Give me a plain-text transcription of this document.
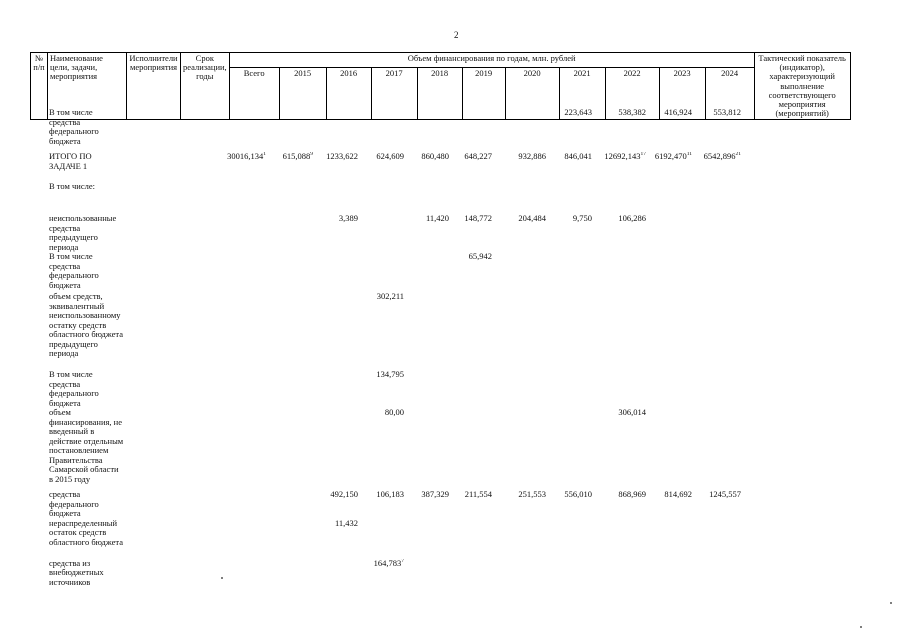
2
№ п/п	Наименование цели, задачи, мероприятия	Исполнители мероприятия	Срок реализации, годы	Объем финансирования по годам, млн. рублей											Тактический показатель (индикатор), характеризующий выполнение соответствующего мероприятия (мероприятий)
				Всего	2015	2016	2017	2018	2019	2020	2021	2022	2023	2024	
	В том числе средства федерального бюджета										223,643	538,382	416,924	553,812	
	ИТОГО ПО ЗАДАЧЕ 1			30016,134$^1$	615,088$^9$	1233,622	624,609	860,480	648,227	932,886	846,041	12692,143$^{17}$	6192,470$^{11}$	6542,896$^{21}$	
	В том числе:														
	неиспользованные средства предыдущего периода					3,389		11,420	148,772	204,484	9,750	106,286			
	В том числе средства федерального бюджета								65,942						
	объем средств, эквивалентный неиспользованному остатку средств областного бюджета предыдущего периода						302,211								
	В том числе средства федерального бюджета						134,795								
	объем финансирования, не введенный в действие отдельным постановлением Правительства Самарской области в 2015 году						80,00					306,014			
	средства федерального бюджета					492,150	106,183	387,329	211,554	251,553	556,010	868,969	814,692	1245,557	
	нераспределенный остаток средств областного бюджета					11,432									
	средства из внебюджетных источников						164,783$^7$								
